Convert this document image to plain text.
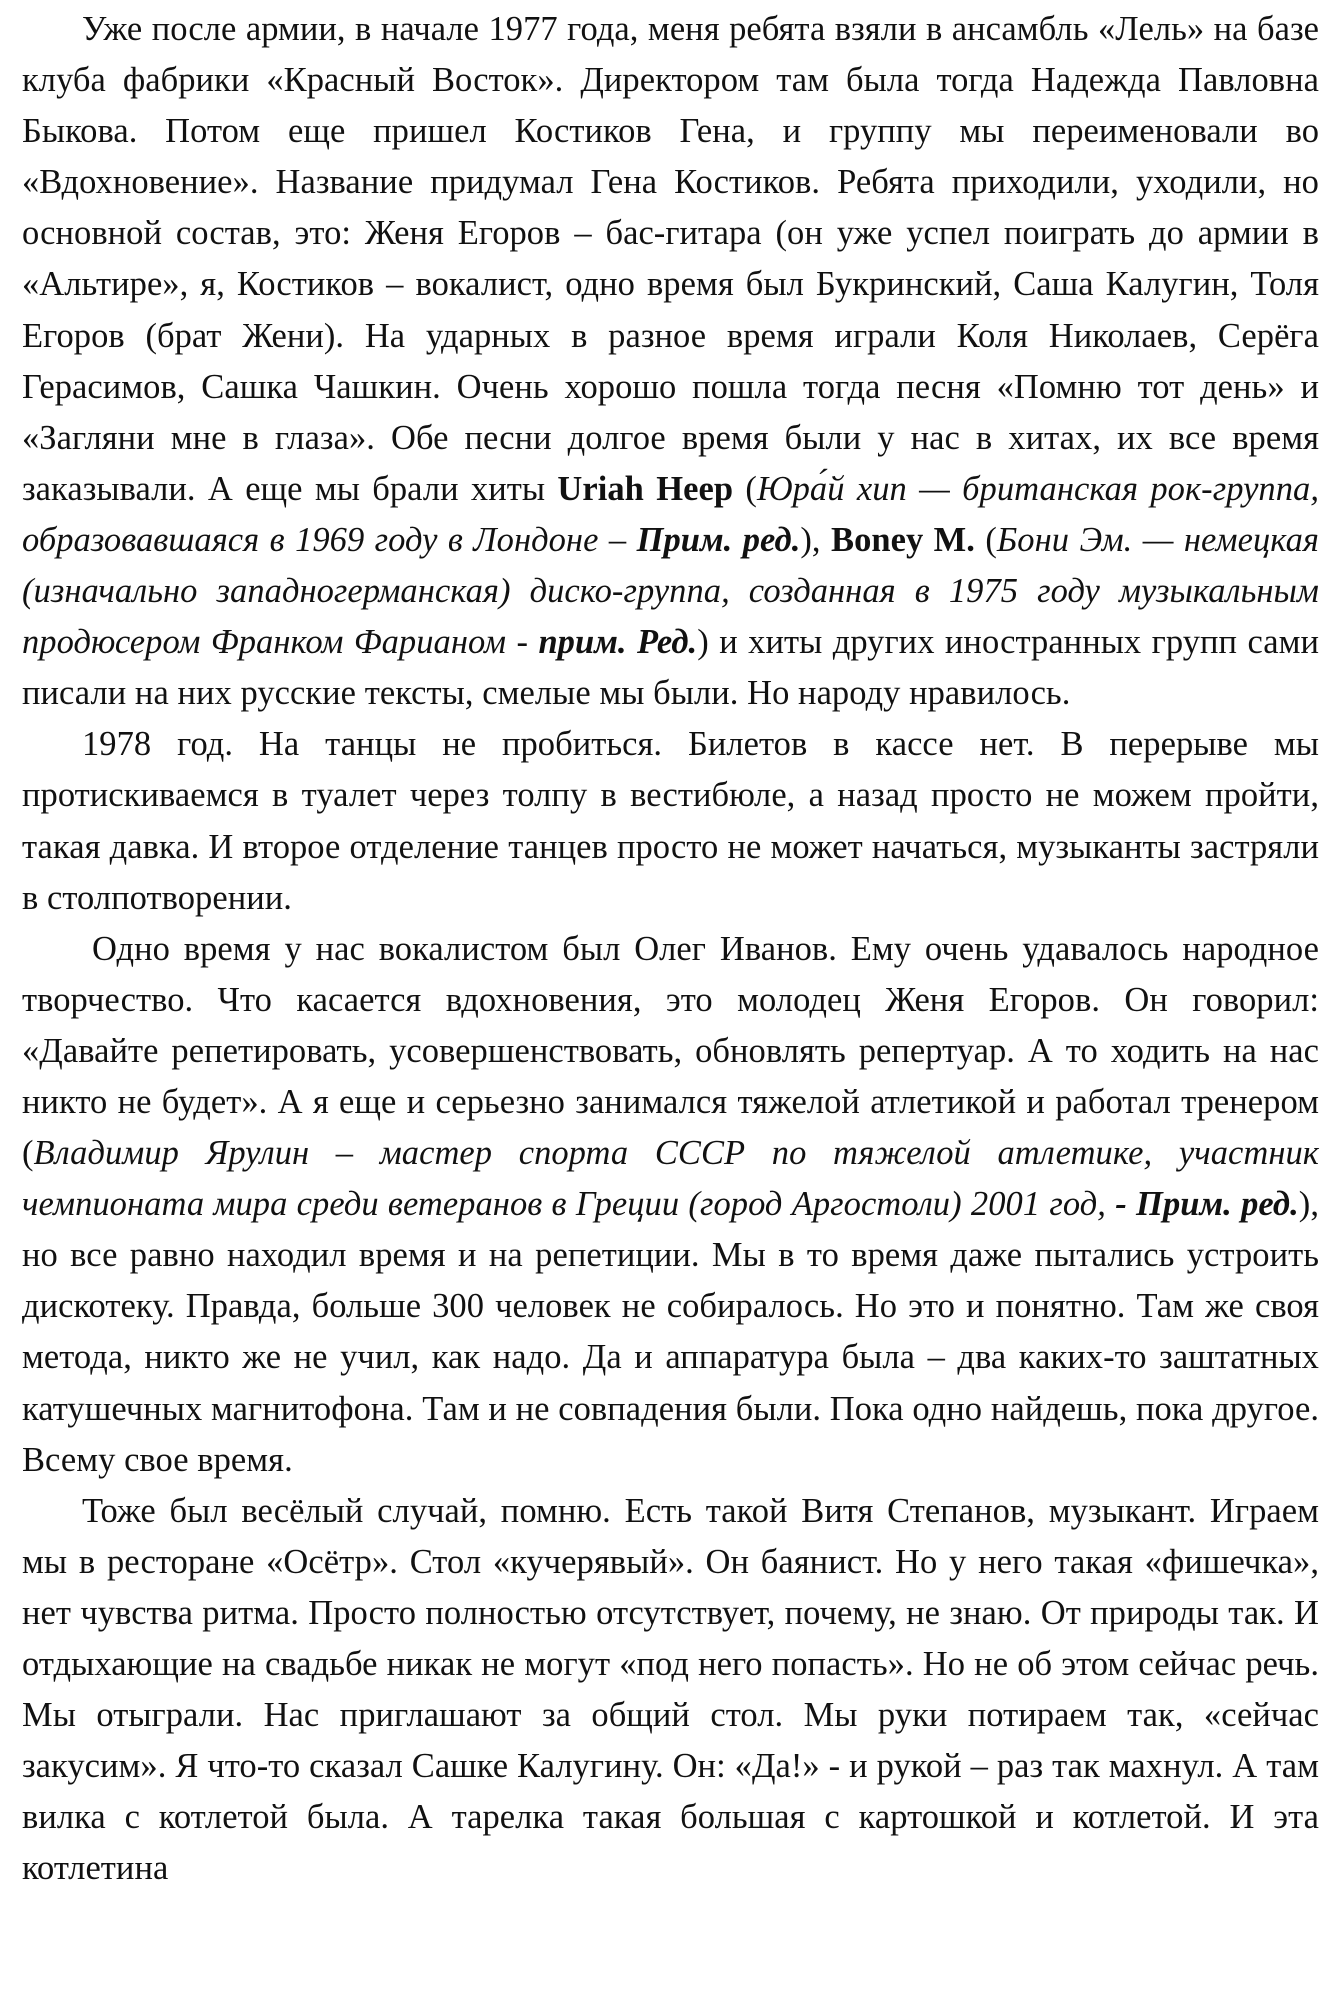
Уже после армии, в начале 1977 года, меня ребята взяли в ансамбль «Лель» на базе клуба фабрики «Красный Восток». Директором там была тогда Надежда Павловна Быкова. Потом еще пришел Костиков Гена, и группу мы переименовали во «Вдохновение». Название придумал Гена Костиков. Ребята приходили, уходили, но основной состав, это: Женя Егоров – бас-гитара (он уже успел поиграть до армии в «Альтире», я, Костиков – вокалист, одно время был Букринский, Саша Калугин, Толя Егоров (брат Жени). На ударных в разное время играли Коля Николаев, Серёга Герасимов, Сашка Чашкин. Очень хорошо пошла тогда песня «Помню тот день» и «Загляни мне в глаза». Обе песни долгое время были у нас в хитах, их все время заказывали. А еще мы брали хиты Uriah Heep (Юра́й хип — британская рок-группа, образовавшаяся в 1969 году в Лондоне – Прим. ред.), Boney M. (Бони Эм. — немецкая (изначально западногерманская) диско-группа, созданная в 1975 году музыкальным продюсером Франком Фарианом - прим. Ред.) и хиты других иностранных групп сами писали на них русские тексты, смелые мы были. Но народу нравилось.

1978 год. На танцы не пробиться. Билетов в кассе нет. В перерыве мы протискиваемся в туалет через толпу в вестибюле, а назад просто не можем пройти, такая давка. И второе отделение танцев просто не может начаться, музыканты застряли в столпотворении.

Одно время у нас вокалистом был Олег Иванов. Ему очень удавалось народное творчество. Что касается вдохновения, это молодец Женя Егоров. Он говорил: «Давайте репетировать, усовершенствовать, обновлять репертуар. А то ходить на нас никто не будет». А я еще и серьезно занимался тяжелой атлетикой и работал тренером (Владимир Ярулин – мастер спорта СССР по тяжелой атлетике, участник чемпионата мира среди ветеранов в Греции (город Аргостоли) 2001 год, - Прим. ред.), но все равно находил время и на репетиции. Мы в то время даже пытались устроить дискотеку. Правда, больше 300 человек не собиралось. Но это и понятно. Там же своя метода, никто же не учил, как надо. Да и аппаратура была – два каких-то заштатных катушечных магнитофона. Там и не совпадения были. Пока одно найдешь, пока другое. Всему свое время.

Тоже был весёлый случай, помню. Есть такой Витя Степанов, музыкант. Играем мы в ресторане «Осётр». Стол «кучерявый». Он баянист. Но у него такая «фишечка», нет чувства ритма. Просто полностью отсутствует, почему, не знаю. От природы так. И отдыхающие на свадьбе никак не могут «под него попасть». Но не об этом сейчас речь. Мы отыграли. Нас приглашают за общий стол. Мы руки потираем так, «сейчас закусим». Я что-то сказал Сашке Калугину. Он: «Да!» - и рукой – раз так махнул. А там вилка с котлетой была. А тарелка такая большая с картошкой и котлетой. И эта котлетина
